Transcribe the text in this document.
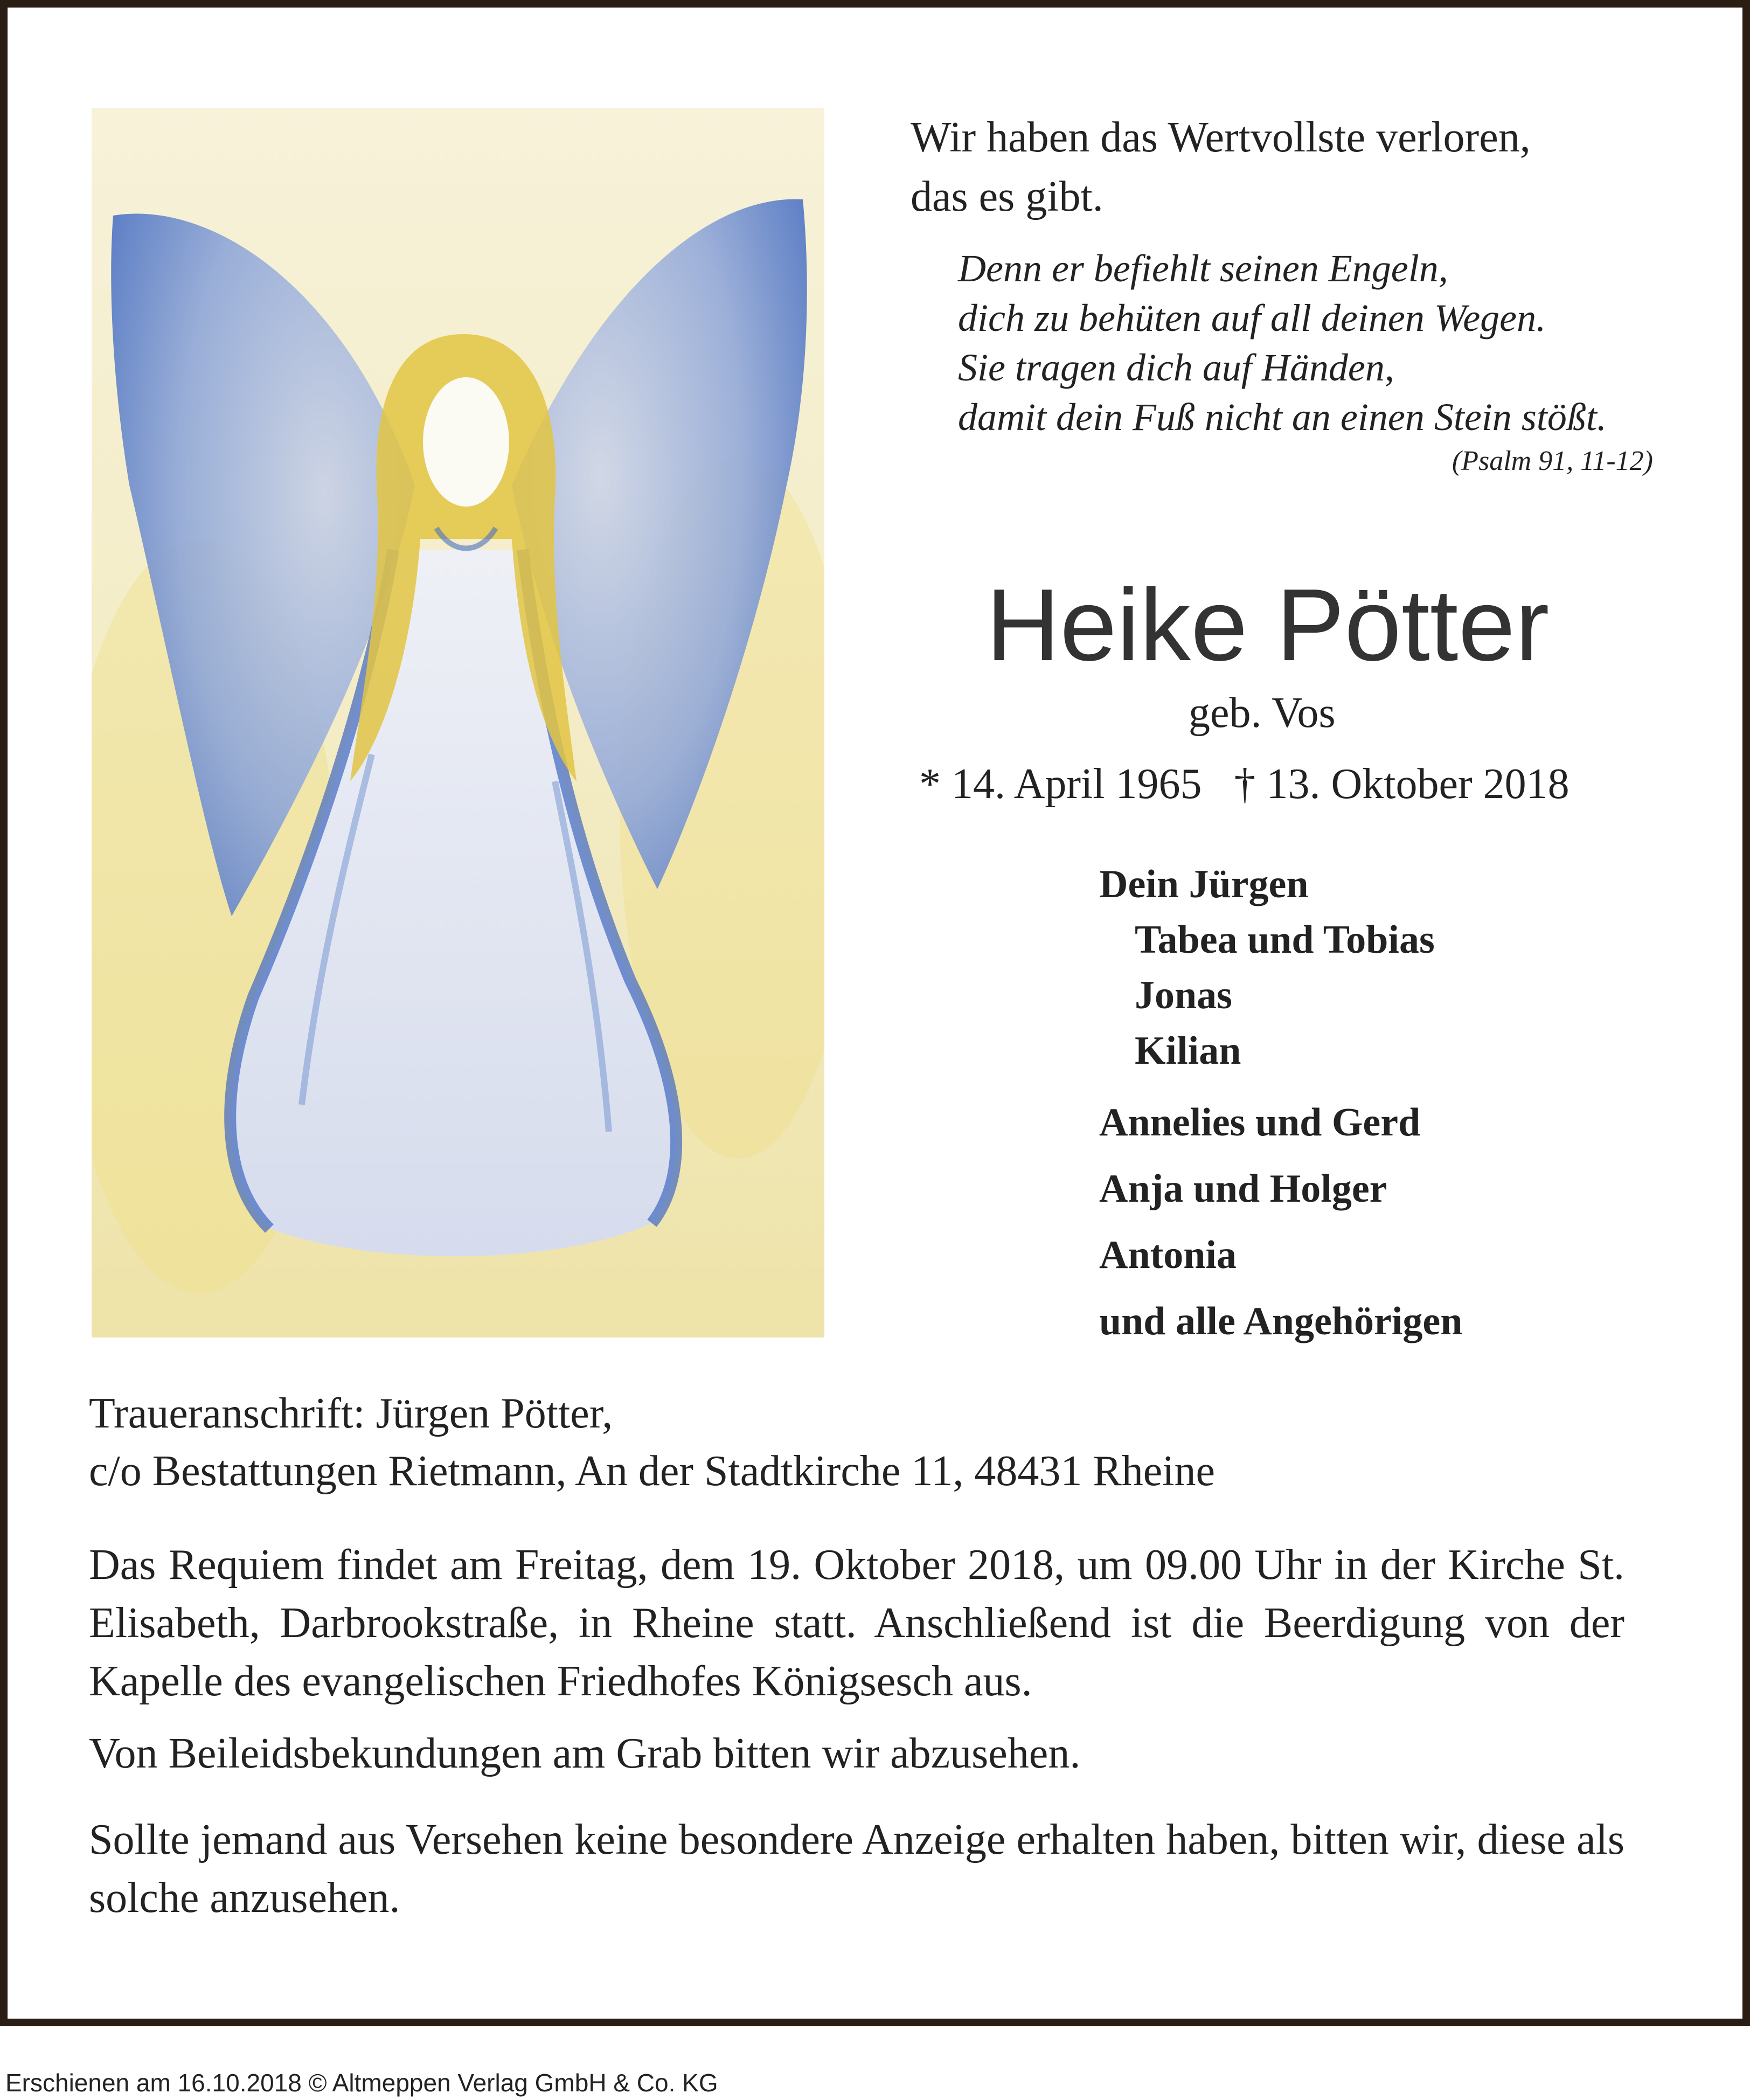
Wir haben das Wertvollste verloren,
das es gibt.
Denn er befiehlt seinen Engeln,
dich zu behüten auf all deinen Wegen.
Sie tragen dich auf Händen,
damit dein Fuß nicht an einen Stein stößt.
(Psalm 91, 11-12)
Heike Pötter
geb. Vos
* 14. April 1965 † 13. Oktober 2018
Dein Jürgen
Tabea und Tobias
Jonas
Kilian
Annelies und Gerd
Anja und Holger
Antonia
und alle Angehörigen
Traueranschrift: Jürgen Pötter,
c/o Bestattungen Rietmann, An der Stadtkirche 11, 48431 Rheine
Das Requiem findet am Freitag, dem 19. Oktober 2018, um 09.00 Uhr in der Kirche St. Elisabeth, Darbrookstraße, in Rheine statt. Anschließend ist die Beerdigung von der Kapelle des evangelischen Friedhofes Königsesch aus.
Von Beileidsbekundungen am Grab bitten wir abzusehen.
Sollte jemand aus Versehen keine besondere Anzeige erhalten haben, bitten wir, diese als solche anzusehen.
Erschienen am 16.10.2018 © Altmeppen Verlag GmbH & Co. KG
